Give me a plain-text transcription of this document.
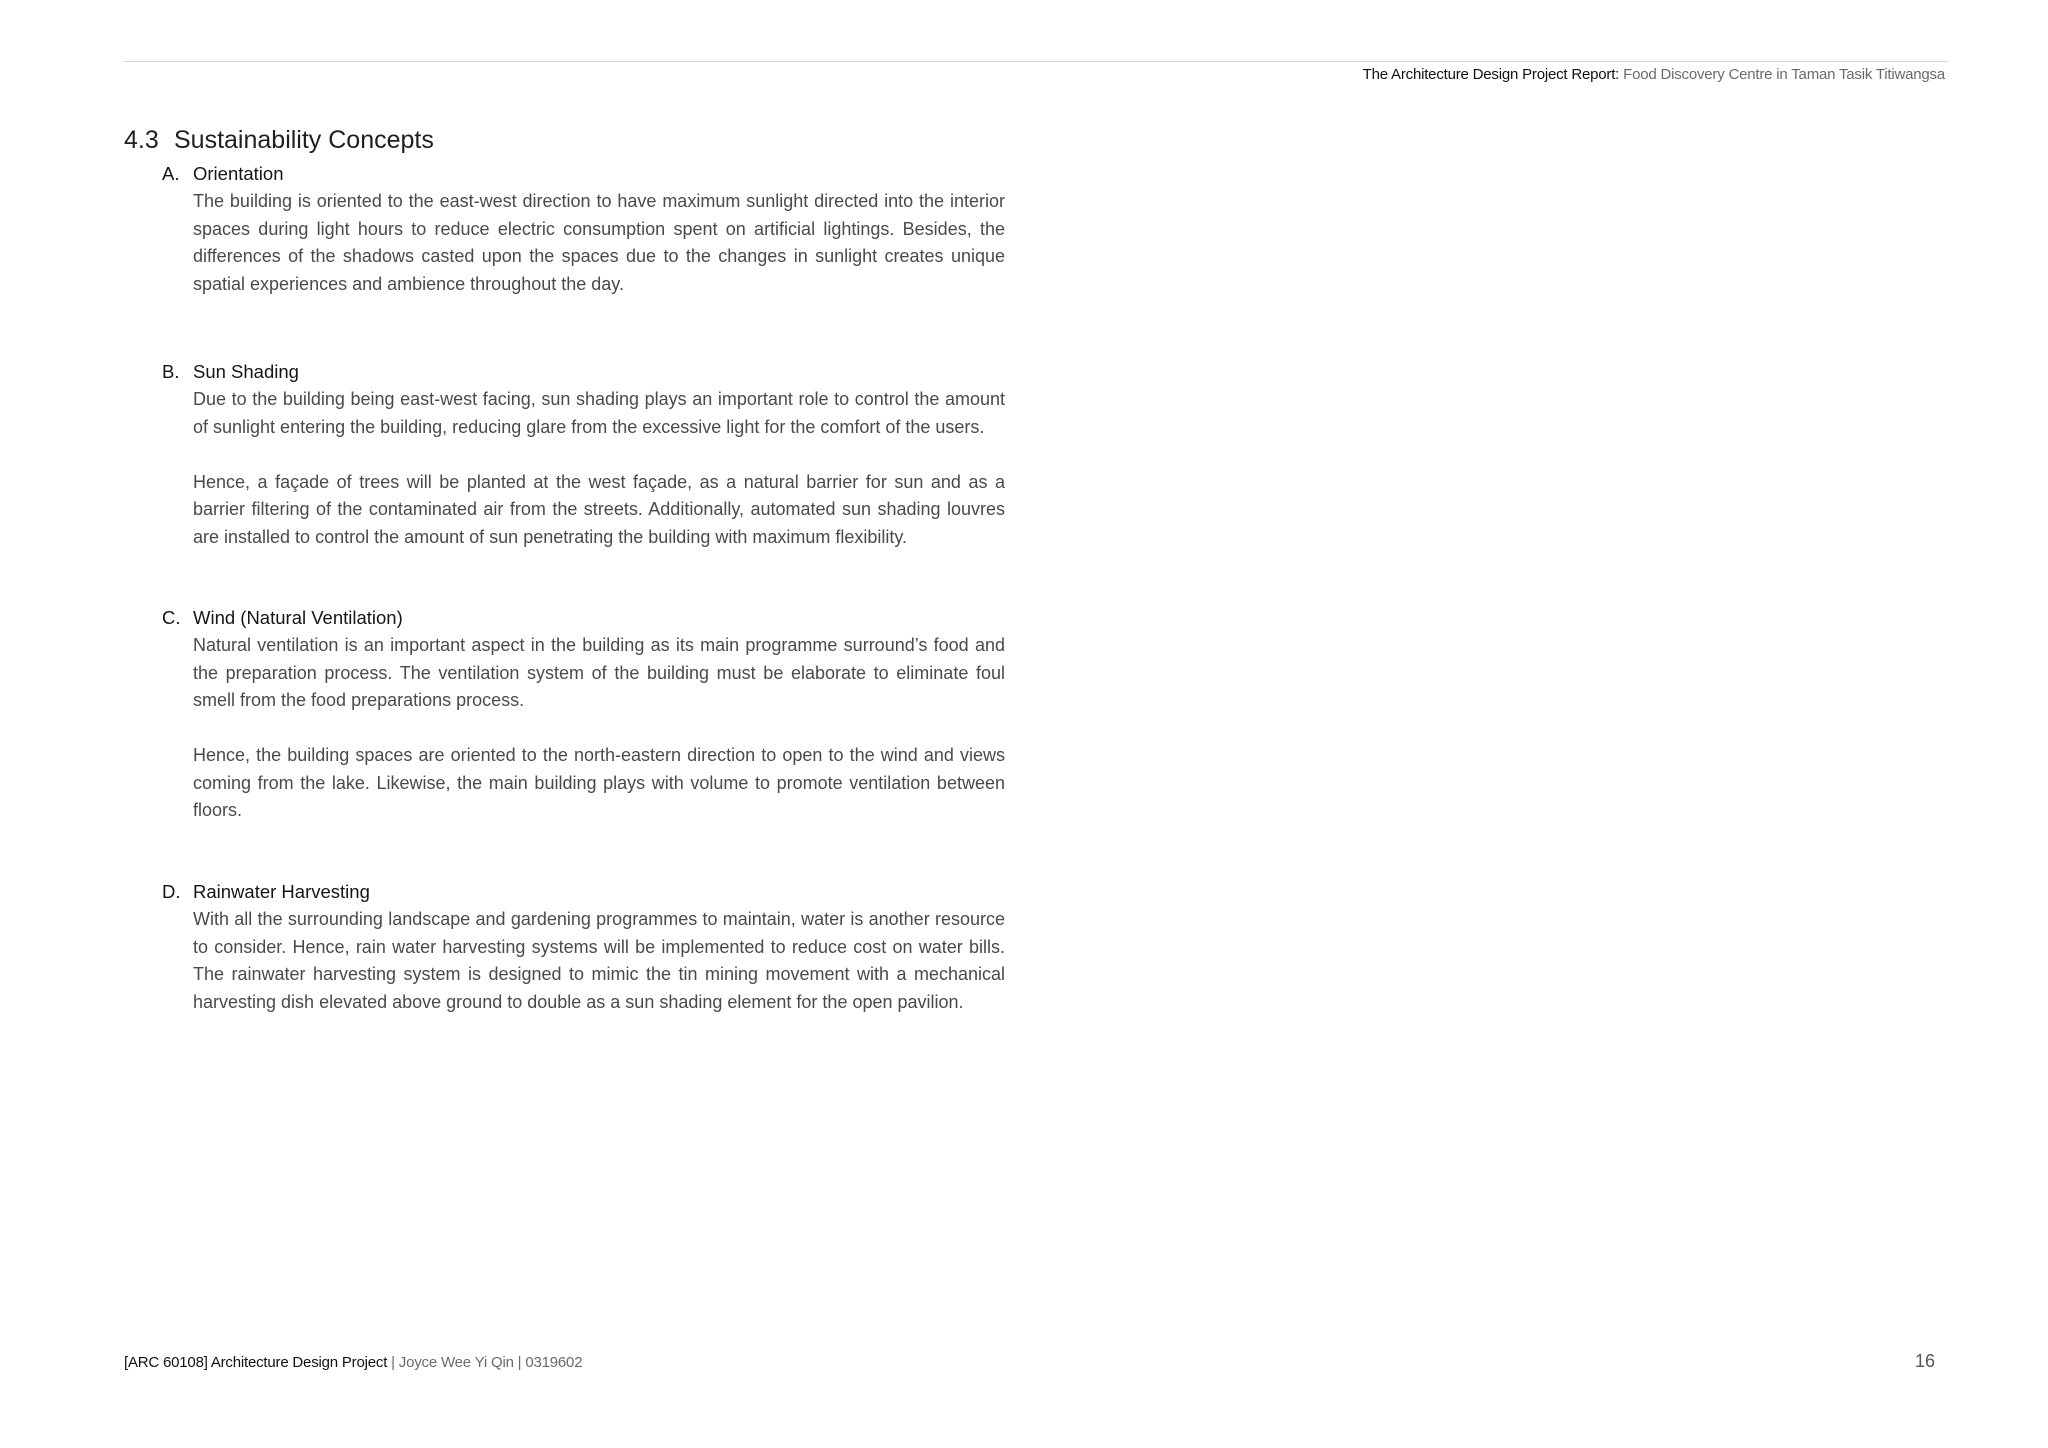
The Architecture Design Project Report: Food Discovery Centre in Taman Tasik Titiwangsa
4.3 Sustainability Concepts
A. Orientation

The building is oriented to the east-west direction to have maximum sunlight directed into the interior spaces during light hours to reduce electric consumption spent on artificial lightings. Besides, the differences of the shadows casted upon the spaces due to the changes in sunlight creates unique spatial experiences and ambience throughout the day.

B. Sun Shading

Due to the building being east-west facing, sun shading plays an important role to control the amount of sunlight entering the building, reducing glare from the excessive light for the comfort of the users.

Hence, a façade of trees will be planted at the west façade, as a natural barrier for sun and as a barrier filtering of the contaminated air from the streets. Additionally, automated sun shading louvres are installed to control the amount of sun penetrating the building with maximum flexibility.

C. Wind (Natural Ventilation)

Natural ventilation is an important aspect in the building as its main programme surround’s food and the preparation process. The ventilation system of the building must be elaborate to eliminate foul smell from the food preparations process.

Hence, the building spaces are oriented to the north-eastern direction to open to the wind and views coming from the lake. Likewise, the main building plays with volume to promote ventilation between floors.

D. Rainwater Harvesting

With all the surrounding landscape and gardening programmes to maintain, water is another resource to consider. Hence, rain water harvesting systems will be implemented to reduce cost on water bills. The rainwater harvesting system is designed to mimic the tin mining movement with a mechanical harvesting dish elevated above ground to double as a sun shading element for the open pavilion.

[ARC 60108] Architecture Design Project | Joyce Wee Yi Qin | 0319602	16
